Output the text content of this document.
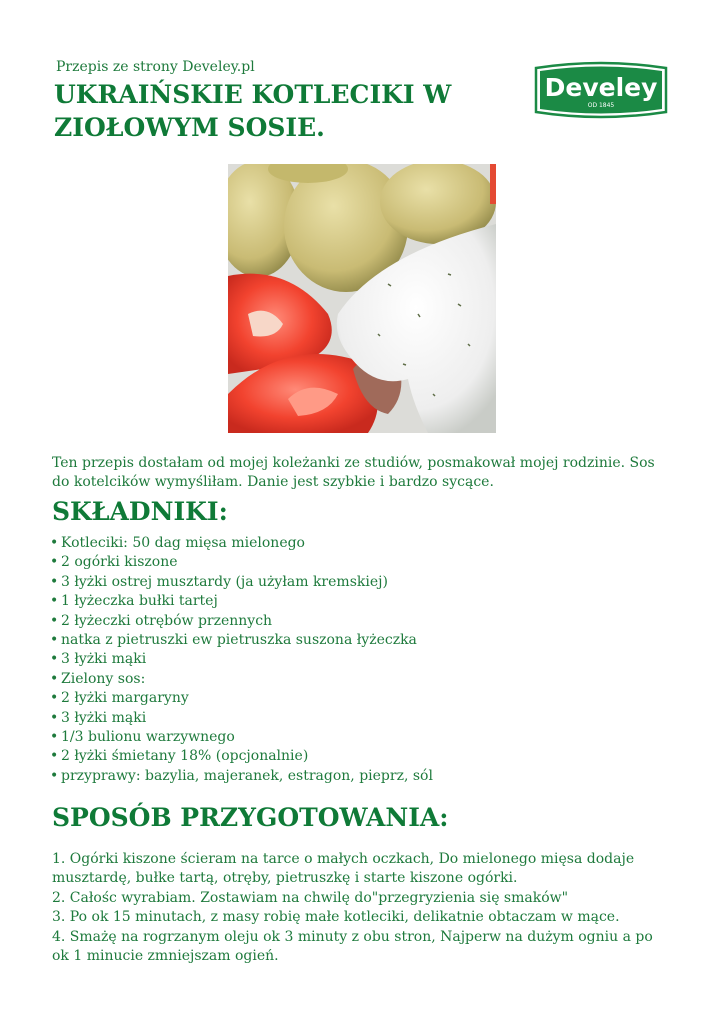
Przepis ze strony Develey.pl
UKRAIŃSKIE KOTLECIKI W ZIOŁOWYM SOSIE.
Develey
OD 1845

Ten przepis dostałam od mojej koleżanki ze studiów, posmakował mojej rodzinie. Sos do kotelcików wymyśliłam. Danie jest szybkie i bardzo sycące.

SKŁADNIKI:
• Kotleciki: 50 dag mięsa mielonego
• 2 ogórki kiszone
• 3 łyżki ostrej musztardy (ja użyłam kremskiej)
• 1 łyżeczka bułki tartej
• 2 łyżeczki otrębów przennych
• natka z pietruszki ew pietruszka suszona łyżeczka
• 3 łyżki mąki
• Zielony sos:
• 2 łyżki margaryny
• 3 łyżki mąki
• 1/3 bulionu warzywnego
• 2 łyżki śmietany 18% (opcjonalnie)
• przyprawy: bazylia, majeranek, estragon, pieprz, sól
SPOSÓB PRZYGOTOWANIA:

1. Ogórki kiszone ścieram na tarce o małych oczkach, Do mielonego mięsa dodaje musztardę, bułke tartą, otręby, pietruszkę i starte kiszone ogórki.

2. Całośc wyrabiam. Zostawiam na chwilę do"przegryzienia się smaków"

3. Po ok 15 minutach, z masy robię małe kotleciki, delikatnie obtaczam w mące.

4. Smażę na rogrzanym oleju ok 3 minuty z obu stron, Najperw na dużym ogniu a po ok 1 minucie zmniejszam ogień.
